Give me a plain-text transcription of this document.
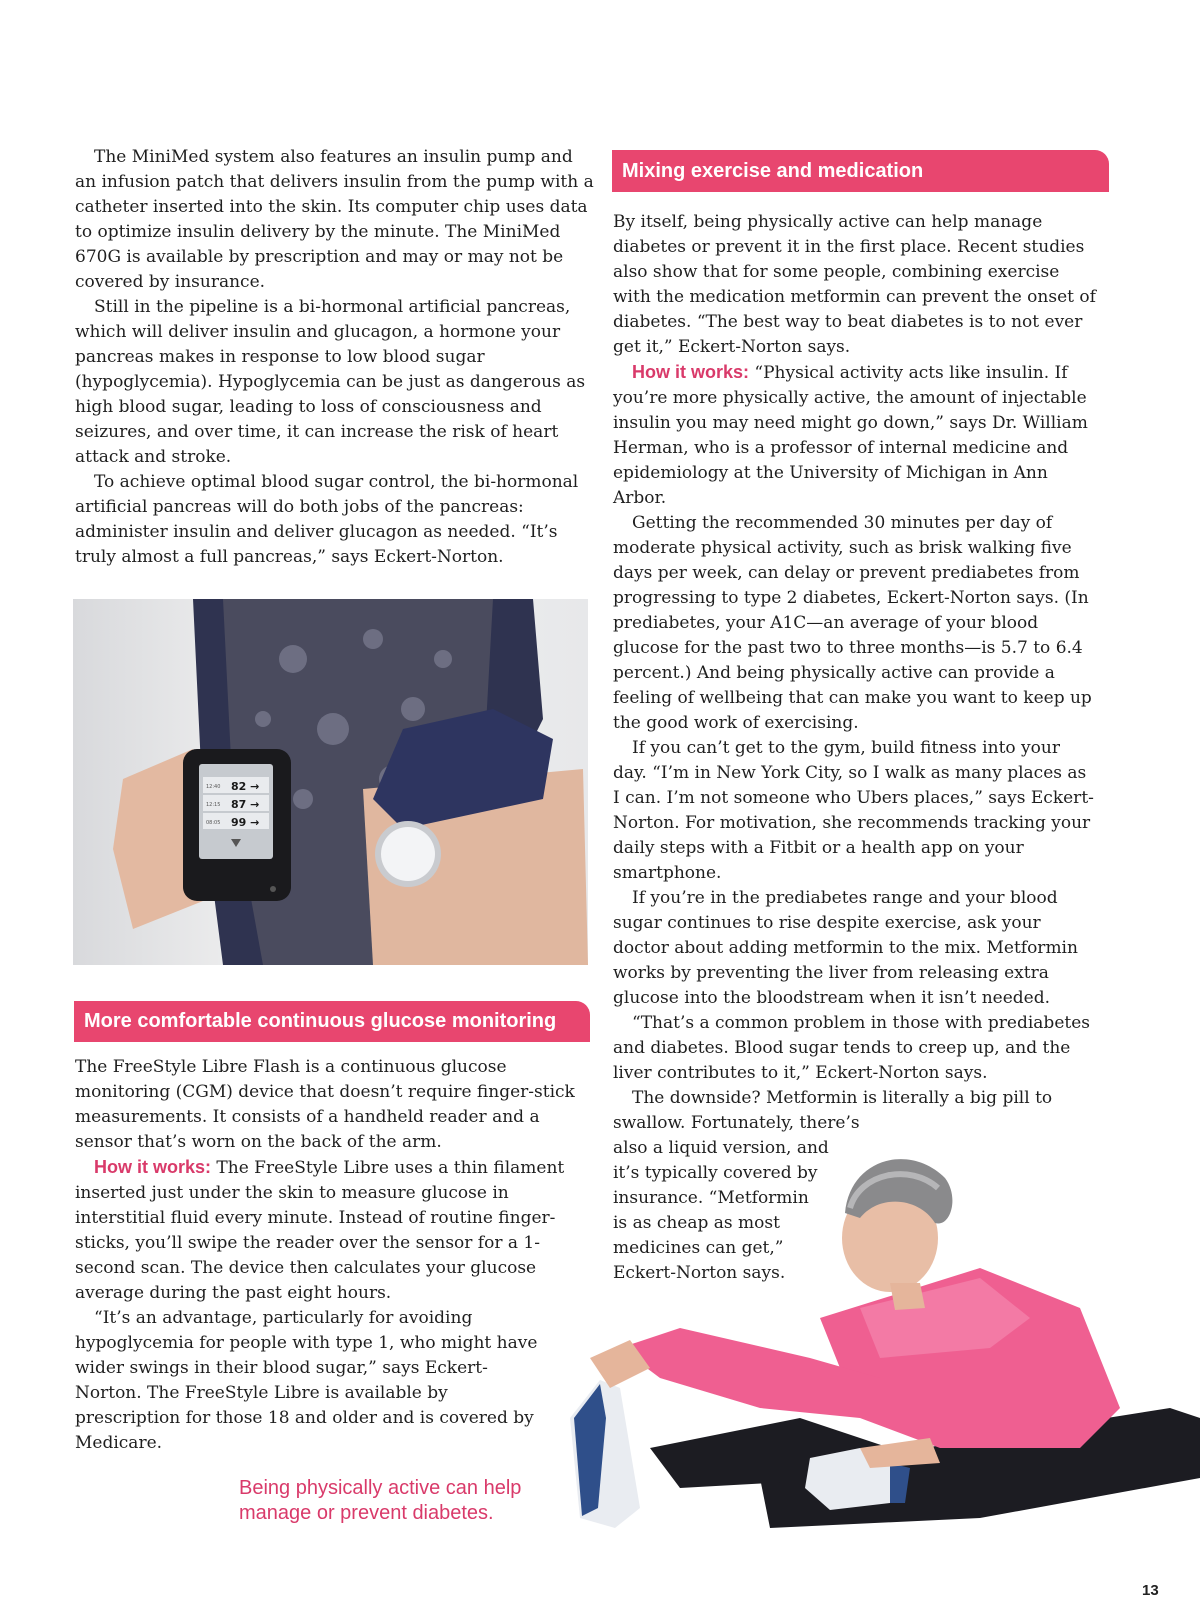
The MiniMed system also features an insulin pump and an infusion patch that delivers insulin from the pump with a catheter inserted into the skin. Its computer chip uses data to optimize insulin delivery by the minute. The MiniMed 670G is available by prescription and may or may not be covered by insurance.

Still in the pipeline is a bi-hormonal artificial pancreas, which will deliver insulin and glucagon, a hormone your pancreas makes in response to low blood sugar (hypoglycemia). Hypoglycemia can be just as dangerous as high blood sugar, leading to loss of consciousness and seizures, and over time, it can increase the risk of heart attack and stroke.

To achieve optimal blood sugar control, the bi-hormonal artificial pancreas will do both jobs of the pancreas: administer insulin and deliver glucagon as needed. “It’s truly almost a full pancreas,” says Eckert-Norton.

12:40
12:15
08:05
82 →
87 →
99 →
More comfortable continuous glucose monitoring

The FreeStyle Libre Flash is a continuous glucose monitoring (CGM) device that doesn’t require finger-stick measurements. It consists of a handheld reader and a sensor that’s worn on the back of the arm.

How it works: The FreeStyle Libre uses a thin filament inserted just under the skin to measure glucose in interstitial fluid every minute. Instead of routine finger-sticks, you’ll swipe the reader over the sensor for a 1-second scan. The device then calculates your glucose average during the past eight hours.

“It’s an advantage, particularly for avoiding hypoglycemia for people with type 1, who might have wider swings in their blood sugar,” says Eckert-Norton. The FreeStyle Libre is available by prescription for those 18 and older and is covered by Medicare.

Being physically active can help manage or prevent diabetes.
Mixing exercise and medication

By itself, being physically active can help manage diabetes or prevent it in the first place. Recent studies also show that for some people, combining exercise with the medication metformin can prevent the onset of diabetes. “The best way to beat diabetes is to not ever get it,” Eckert-Norton says.

How it works: “Physical activity acts like insulin. If you’re more physically active, the amount of injectable insulin you may need might go down,” says Dr. William Herman, who is a professor of internal medicine and epidemiology at the University of Michigan in Ann Arbor.

Getting the recommended 30 minutes per day of moderate physical activity, such as brisk walking five days per week, can delay or prevent prediabetes from progressing to type 2 diabetes, Eckert-Norton says. (In prediabetes, your A1C—an average of your blood glucose for the past two to three months—is 5.7 to 6.4 percent.) And being physically active can provide a feeling of wellbeing that can make you want to keep up the good work of exercising.

If you can’t get to the gym, build fitness into your day. “I’m in New York City, so I walk as many places as I can. I’m not someone who Ubers places,” says Eckert-Norton. For motivation, she recommends tracking your daily steps with a Fitbit or a health app on your smartphone.

If you’re in the prediabetes range and your blood sugar continues to rise despite exercise, ask your doctor about adding metformin to the mix. Metformin works by preventing the liver from releasing extra glucose into the bloodstream when it isn’t needed.

“That’s a common problem in those with prediabetes and diabetes. Blood sugar tends to creep up, and the liver contributes to it,” Eckert-Norton says.

The downside? Metformin is literally a big pill to
swallow. Fortunately, there’s
also a liquid version, and
it’s typically covered by
insurance. “Metformin
is as cheap as most
medicines can get,”
Eckert-Norton says.
13
